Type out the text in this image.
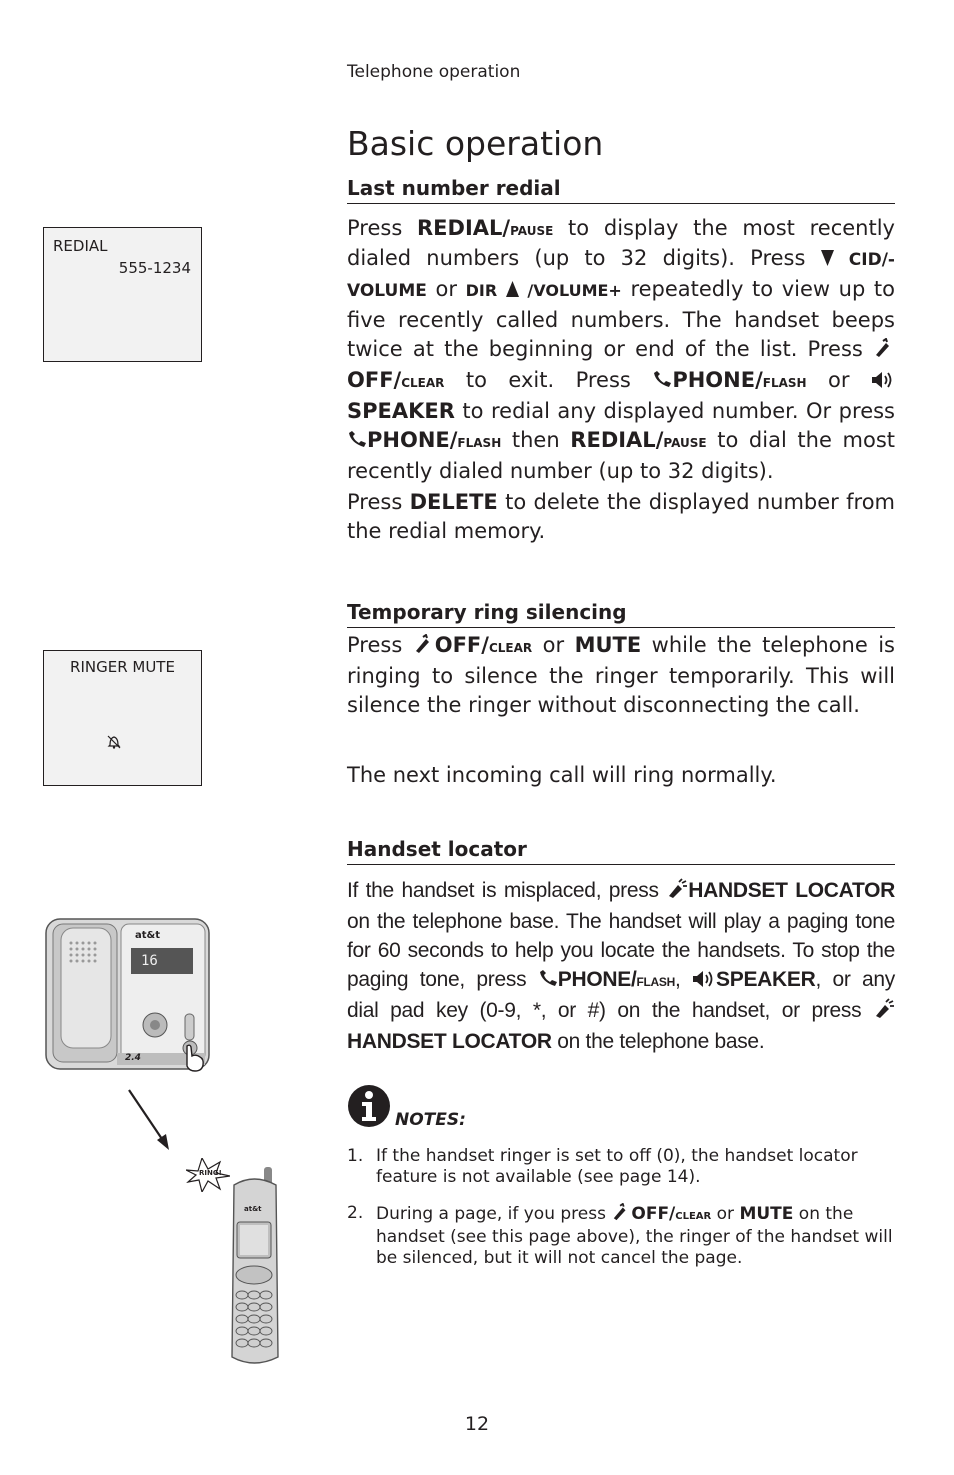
Telephone operation
Basic operation
Last number redial
REDIAL
555-1234

Press REDIAL/pause to display the most recently dialed numbers (up to 32 digits). Press  CID/-VOLUME or DIR /VOLUME+ repeatedly to view up to five recently called numbers. The handset beeps twice at the beginning or end of the list. Press OFF/clear to exit. Press PHONE/flash or SPEAKER to redial any displayed number. Or press PHONE/flash then REDIAL/pause to dial the most recently dialed number (up to 32 digits).

Press DELETE to delete the displayed number from the redial memory.

Temporary ring silencing
RINGER MUTE

Press OFF/clear or MUTE while the telephone is ringing to silence the ringer temporarily. This will silence the ringer without disconnecting the call.

The next incoming call will ring normally.

Handset locator

If the handset is misplaced, press HANDSET LOCATOR on the telephone base. The handset will play a paging tone for 60 seconds to help you locate the handsets. To stop the paging tone, press PHONE/flash, SPEAKER, or any dial pad key (0-9, *, or #) on the handset, or press HANDSET LOCATOR on the telephone base.

at&t
16
2.4
RING!
at&t
NOTES:
1. If the handset ringer is set to off (0), the handset locator feature is not available (see page 14).
2. During a page, if you press OFF/clear or MUTE on the handset (see this page above), the ringer of the handset will be silenced, but it will not cancel the page.
12
